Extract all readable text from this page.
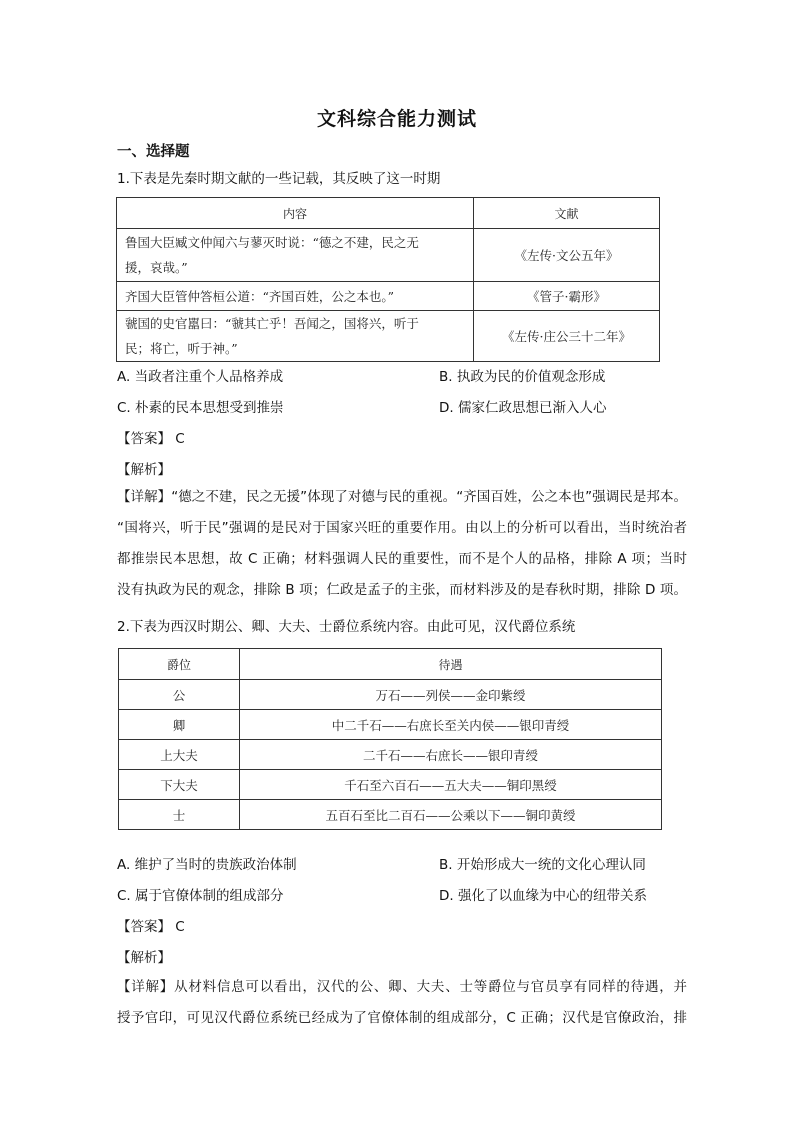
文科综合能力测试
一、选择题
1.下表是先秦时期文献的一些记载，其反映了这一时期
内容	文献
鲁国大臣臧文仲闻六与蓼灭时说：“德之不建，民之无
援，哀哉。”	《左传·文公五年》
齐国大臣管仲答桓公道：“齐国百姓，公之本也。”	《管子·霸形》
虢国的史官嚚曰：“虢其亡乎！吾闻之，国将兴，听于
民；将亡，听于神。”	《左传·庄公三十二年》
A. 当政者注重个人品格养成	B. 执政为民的价值观念形成
C. 朴素的民本思想受到推崇	D. 儒家仁政思想已渐入人心
【答案】 C
【解析】
【详解】“德之不建，民之无援”体现了对德与民的重视。“齐国百姓，公之本也”强调民是邦本。
“国将兴，听于民”强调的是民对于国家兴旺的重要作用。由以上的分析可以看出，当时统治者
都推崇民本思想，故 C 正确；材料强调人民的重要性，而不是个人的品格，排除 A 项；当时
没有执政为民的观念，排除 B 项；仁政是孟子的主张，而材料涉及的是春秋时期，排除 D 项。
2.下表为西汉时期公、卿、大夫、士爵位系统内容。由此可见，汉代爵位系统
爵位	待遇
公	万石——列侯——金印紫绶
卿	中二千石——右庶长至关内侯——银印青绶
上大夫	二千石——右庶长——银印青绶
下大夫	千石至六百石——五大夫——铜印黑绶
士	五百石至比二百石——公乘以下——铜印黄绶
A. 维护了当时的贵族政治体制	B. 开始形成大一统的文化心理认同
C. 属于官僚体制的组成部分	D. 强化了以血缘为中心的纽带关系
【答案】 C
【解析】
【详解】从材料信息可以看出，汉代的公、卿、大夫、士等爵位与官员享有同样的待遇，并
授予官印，可见汉代爵位系统已经成为了官僚体制的组成部分，C 正确；汉代是官僚政治，排
